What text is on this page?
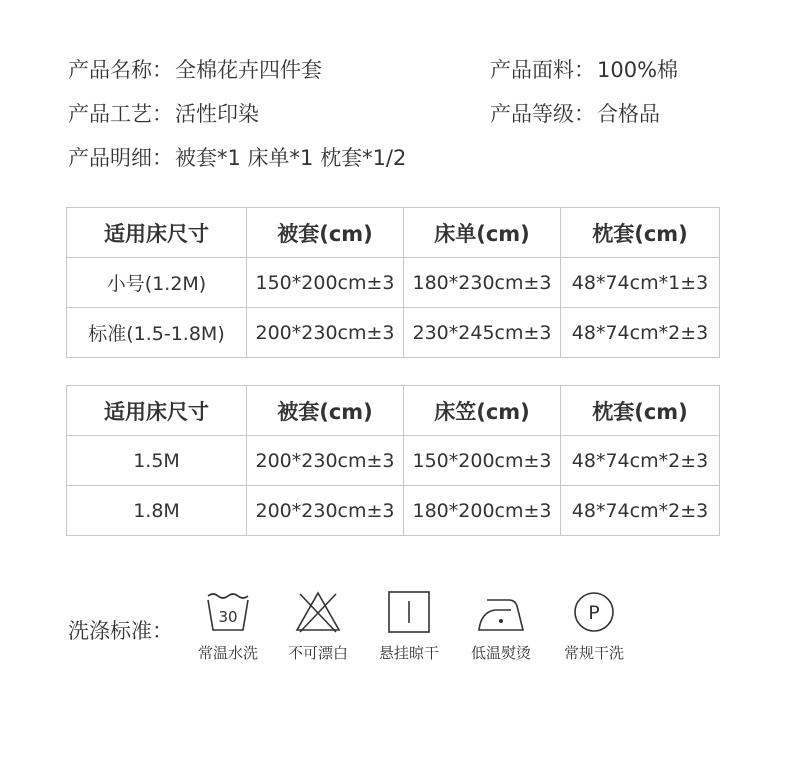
产品名称：全棉花卉四件套	产品面料：100%棉
产品工艺：活性印染	产品等级：合格品
产品明细：被套*1 床单*1 枕套*1/2
适用床尺寸	被套(cm)	床单(cm)	枕套(cm)
小号(1.2M)	150*200cm±3	180*230cm±3	48*74cm*1±3
标准(1.5-1.8M)	200*230cm±3	230*245cm±3	48*74cm*2±3
适用床尺寸	被套(cm)	床笠(cm)	枕套(cm)
1.5M	200*230cm±3	150*200cm±3	48*74cm*2±3
1.8M	200*230cm±3	180*200cm±3	48*74cm*2±3
洗涤标准：
30
常温水洗	不可漂白	悬挂晾干	低温熨烫
P
常规干洗
